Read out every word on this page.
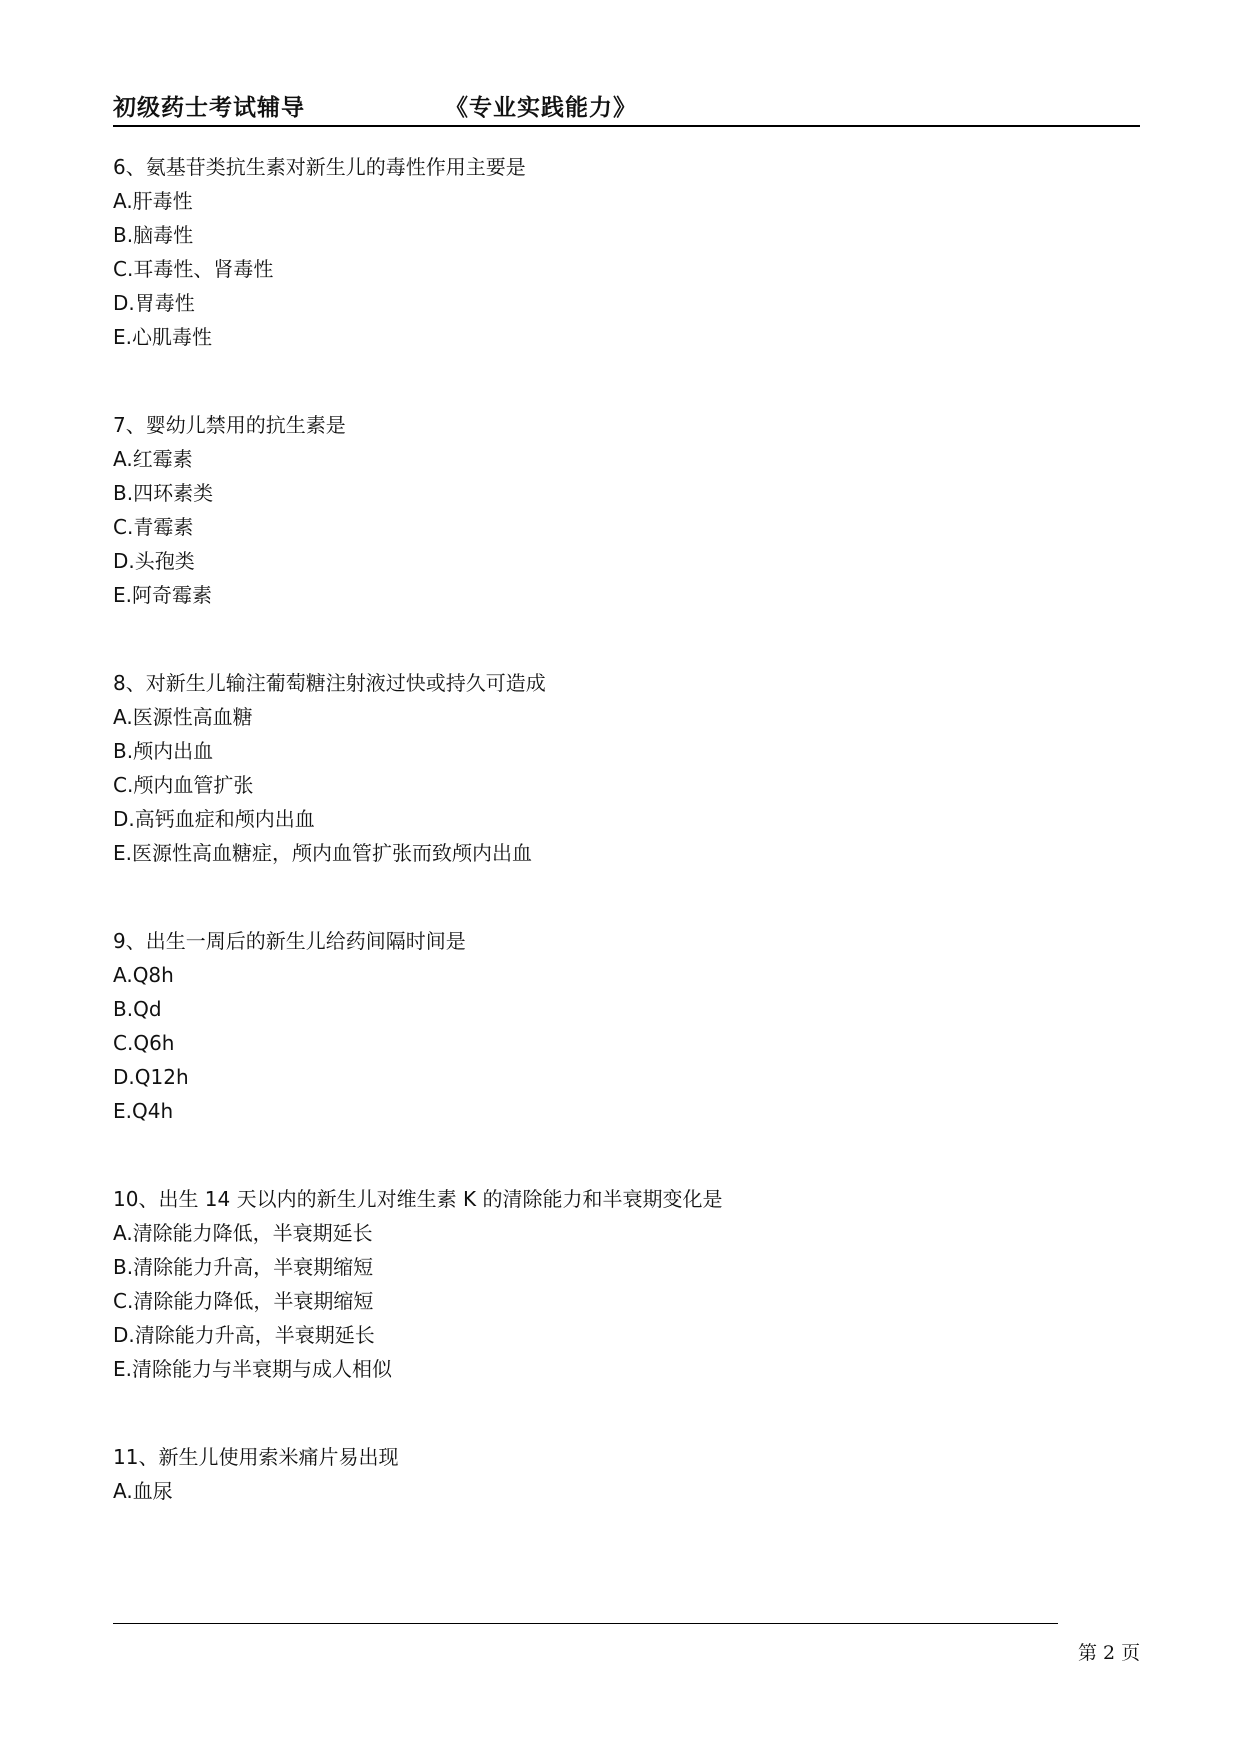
初级药士考试辅导	《专业实践能力》
6、氨基苷类抗生素对新生儿的毒性作用主要是
A.肝毒性
B.脑毒性
C.耳毒性、肾毒性
D.胃毒性
E.心肌毒性
7、婴幼儿禁用的抗生素是
A.红霉素
B.四环素类
C.青霉素
D.头孢类
E.阿奇霉素
8、对新生儿输注葡萄糖注射液过快或持久可造成
A.医源性高血糖
B.颅内出血
C.颅内血管扩张
D.高钙血症和颅内出血
E.医源性高血糖症，颅内血管扩张而致颅内出血
9、出生一周后的新生儿给药间隔时间是
A.Q8h
B.Qd
C.Q6h
D.Q12h
E.Q4h
10、出生 14 天以内的新生儿对维生素 K 的清除能力和半衰期变化是
A.清除能力降低，半衰期延长
B.清除能力升高，半衰期缩短
C.清除能力降低，半衰期缩短
D.清除能力升高，半衰期延长
E.清除能力与半衰期与成人相似
11、新生儿使用索米痛片易出现
A.血尿
第 2 页
